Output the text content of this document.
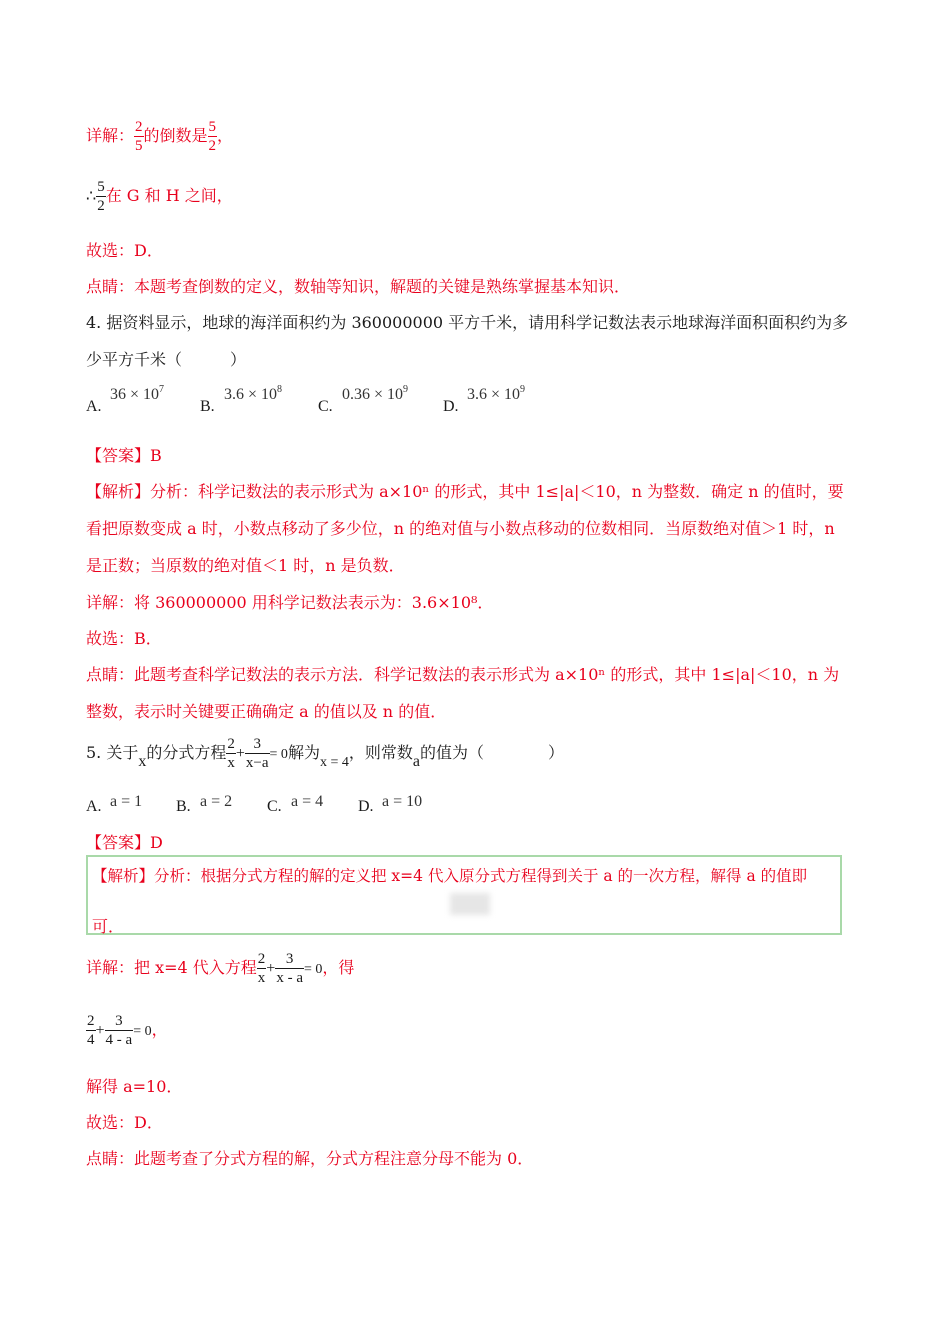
详解： $\frac{2}{5}$ 的倒数是 $\frac{5}{2}$ ，
∴ $\frac{5}{2}$ 在 G 和 H 之间，
故选：D．
点睛：本题考查倒数的定义，数轴等知识，解题的关键是熟练掌握基本知识．
4. 据资料显示，地球的海洋面积约为 360000000 平方千米，请用科学记数法表示地球海洋面积面积约为多
少平方千米（　　　）
A.
$36 \times 10^7$
B.
$3.6 \times 10^8$
C.
$0.36 \times 10^9$
D.
$3.6 \times 10^9$
【答案】B
【解析】分析：科学记数法的表示形式为 a×10ⁿ 的形式，其中 1≤|a|＜10，n 为整数．确定 n 的值时，要
看把原数变成 a 时，小数点移动了多少位，n 的绝对值与小数点移动的位数相同．当原数绝对值＞1 时，n
是正数；当原数的绝对值＜1 时，n 是负数．
详解：将 360000000 用科学记数法表示为：3.6×10⁸．
故选：B．
点睛：此题考查科学记数法的表示方法．科学记数法的表示形式为 a×10ⁿ 的形式，其中 1≤|a|＜10，n 为
整数，表示时关键要正确确定 a 的值以及 n 的值．
5. 关于x的分式方程 $\frac{2}{x} + \frac{3}{x-a} = 0$解为x = 4，则常数a的值为（　　　　）
A. a = 1 B. a = 2 C. a = 4 D. a = 10
【答案】D
【解析】分析：根据分式方程的解的定义把 x=4 代入原分式方程得到关于 a 的一次方程，解得 a 的值即
可．
详解：把 x=4 代入方程 $\frac{2}{x} + \frac{3}{x - a} = 0$，得
$\frac{2}{4} + \frac{3}{4 - a} = 0$，
解得 a=10．
故选：D．
点睛：此题考查了分式方程的解，分式方程注意分母不能为 0．
